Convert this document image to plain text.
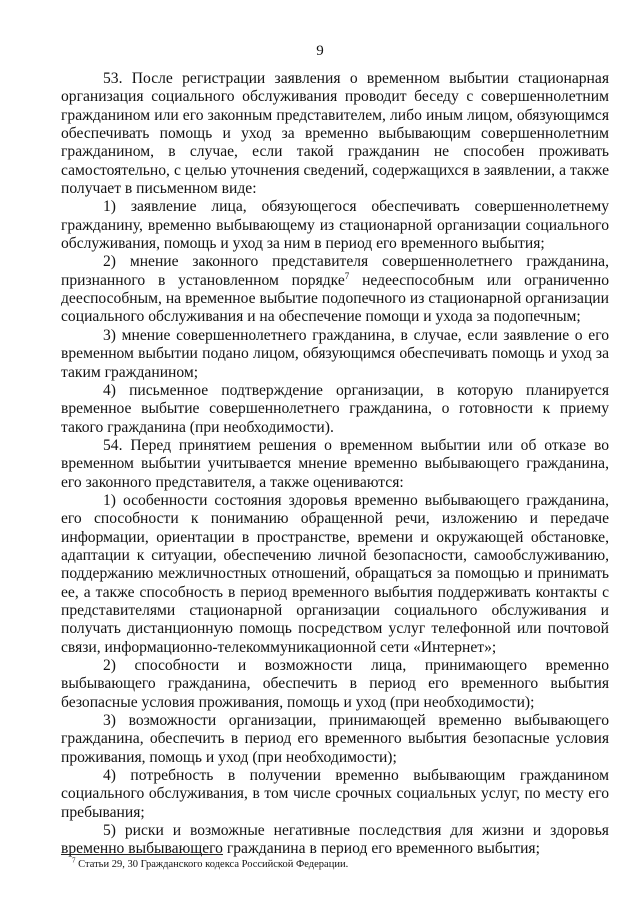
9

53. После регистрации заявления о временном выбытии стационарная организация социального обслуживания проводит беседу с совершеннолетним гражданином или его законным представителем, либо иным лицом, обязующимся обеспечивать помощь и уход за временно выбывающим совершеннолетним гражданином, в случае, если такой гражданин не способен проживать самостоятельно, с целью уточнения сведений, содержащихся в заявлении, а также получает в письменном виде:

1) заявление лица, обязующегося обеспечивать совершеннолетнему гражданину, временно выбывающему из стационарной организации социального обслуживания, помощь и уход за ним в период его временного выбытия;

2) мнение законного представителя совершеннолетнего гражданина, признанного в установленном порядке$^7$ недееспособным или ограниченно дееспособным, на временное выбытие подопечного из стационарной организации социального обслуживания и на обеспечение помощи и ухода за подопечным;

3) мнение совершеннолетнего гражданина, в случае, если заявление о его временном выбытии подано лицом, обязующимся обеспечивать помощь и уход за таким гражданином;

4) письменное подтверждение организации, в которую планируется временное выбытие совершеннолетнего гражданина, о готовности к приему такого гражданина (при необходимости).

54. Перед принятием решения о временном выбытии или об отказе во временном выбытии учитывается мнение временно выбывающего гражданина, его законного представителя, а также оцениваются:

1) особенности состояния здоровья временно выбывающего гражданина, его способности к пониманию обращенной речи, изложению и передаче информации, ориентации в пространстве, времени и окружающей обстановке, адаптации к ситуации, обеспечению личной безопасности, самообслуживанию, поддержанию межличностных отношений, обращаться за помощью и принимать ее, а также способность в период временного выбытия поддерживать контакты с представителями стационарной организации социального обслуживания и получать дистанционную помощь посредством услуг телефонной или почтовой связи, информационно-телекоммуникационной сети «Интернет»;

2) способности и возможности лица, принимающего временно выбывающего гражданина, обеспечить в период его временного выбытия безопасные условия проживания, помощь и уход (при необходимости);

3) возможности организации, принимающей временно выбывающего гражданина, обеспечить в период его временного выбытия безопасные условия проживания, помощь и уход (при необходимости);

4) потребность в получении временно выбывающим гражданином социального обслуживания, в том числе срочных социальных услуг, по месту его пребывания;

5) риски и возможные негативные последствия для жизни и здоровья временно выбывающего гражданина в период его временного выбытия;

$^7$ Статьи 29, 30 Гражданского кодекса Российской Федерации.
